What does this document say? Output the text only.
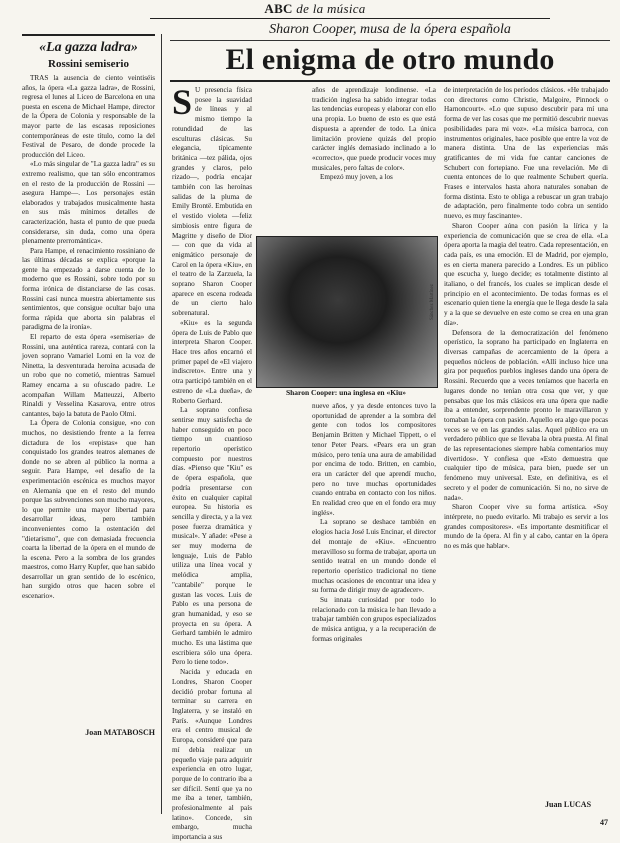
ABC de la música
«La gazza ladra»
Rossini semiserio

TRAS la ausencia de ciento veintiséis años, la ópera «La gazza ladra», de Rossini, regresa el lunes al Liceo de Barcelona en una puesta en escena de Michael Hampe, director de la Ópera de Colonia y responsable de la mayor parte de las escasas reposiciones contemporáneas de este título, como la del Festival de Pesaro, de donde procede la producción del Liceo.

«Lo más singular de "La gazza ladra" es su extremo realismo, que tan sólo encontramos en el resto de la producción de Rossini —asegura Hampe—. Los personajes están elaborados y trabajados musicalmente hasta en sus más mínimos detalles de caracterización, hasta el punto de que pueda considerarse, sin duda, como una ópera plenamente prerromántica».

Para Hampe, el renacimiento rossiniano de las últimas décadas se explica «porque la gente ha empezado a darse cuenta de lo moderno que es Rossini, sobre todo por su forma irónica de distanciarse de las cosas. Rossini casi nunca muestra abiertamente sus sentimientos, que consigue ocultar bajo una forma rápida que aborta sin palabras el paradigma de la ironía».

El reparto de esta ópera «semiseria» de Rossini, una auténtica rareza, contará con la joven soprano Vamariel Lomi en la voz de Ninetta, la desventurada heroína acusada de un robo que no cometió, mientras Samuel Ramey encarna a su ofuscado padre. Le acompañan Willam Matteuzzi, Alberto Rinaldi y Vesselina Kasarova, entre otros cantantes, bajo la batuta de Paolo Olmi.

La Ópera de Colonia consigue, «no con muchos, no desistiendo frente a la ferrea dictadura de los «repistas» que han conquistado los grandes teatros alemanes de donde no se abren al público la norma a seguir. Para Hampe, «el desafío de la experimentación escénica es muchos mayor en Alemania que en el resto del mundo porque las subvenciones son mucho mayores, lo que permite una mayor libertad para desarrollar ideas, pero también inconvenientes como la ostentación del "dietarismo", que con demasiada frecuencia coarta la libertad de la ópera en el mundo de la escena. Pero a la sombra de los grandes maestros, como Harry Kupfer, que han sabido desarrollar un gran sentido de lo escénico, han surgido otros que hacen sobre el escenario».

Joan MATABOSCH
Sharon Cooper, musa de la ópera española
El enigma de otro mundo
S U presencia física posee la suavidad de líneas y al mismo tiempo la rotundidad de las esculturas clásicas. Su elegancia, típicamente británica —tez pálida, ojos grandes y claros, pelo rizado—, podría encajar también con las heroínas salidas de la pluma de Emily Brontë. Embutida en el vestido violeta —feliz simbiosis entre figura de Magritte y diseño de Dior— con que da vida al enigmático personaje de Carol en la ópera «Kiu», en el teatro de la Zarzuela, la soprano Sharon Cooper aparece en escena rodeada de un cierto halo sobrenatural.

«Kiu» es la segunda ópera de Luis de Pablo que interpreta Sharon Cooper. Hace tres años encarnó el primer papel de «El viajero indiscreto». Entre una y otra participó también en el estreno de «La dueña», de Roberto Gerhard.

La soprano confiesa sentirse muy satisfecha de haber conseguido en poco tiempo un cuantioso repertorio operístico compuesto por nuestros días. «Pienso que "Kiu" es de ópera española, que podría presentarse con éxito en cualquier capital europea. Su historia es sencilla y directa, y a la vez posee fuerza dramática y musical». Y añade: «Pese a ser muy moderna de lenguaje, Luis de Pablo utiliza una línea vocal y melódica amplia, "cantabile" porque le gustan las voces. Luis de Pablo es una persona de gran humanidad, y eso se proyecta en su ópera. A Gerhard también le admiro mucho. Es una lástima que escribiera sólo una ópera. Pero lo tiene todo».

Nacida y educada en Londres, Sharon Cooper decidió probar fortuna al terminar su carrera en Inglaterra, y se instaló en París. «Aunque Londres era el centro musical de Europa, consideré que para mí debía realizar un pequeño viaje para adquirir experiencia en otro lugar, porque de lo contrario iba a ser difícil. Sentí que ya no me iba a tener, también, profesionalmente al país latino». Concede, sin embargo, mucha importancia a sus

años de aprendizaje londinense. «La tradición inglesa ha sabido integrar todas las tendencias europeas y elaborar con ello una propia. Lo bueno de esto es que está dispuesta a aprender de todo. La única limitación proviene quizás del propio carácter inglés demasiado inclinado a lo «correcto», que puede producir voces muy musicales, pero faltas de color».

Empezó muy joven, a los

Sánchez Martínez
Sharon Cooper: una inglesa en «Kiu»

nueve años, y ya desde entonces tuvo la oportunidad de aprender a la sombra del gente con todos los compositores Benjamin Britten y Michael Tippett, o el tenor Peter Pears. «Pears era un gran músico, pero tenía una aura de amabilidad por encima de todo. Britten, en cambio, era un carácter del que aprendí mucho, pero no tuve muchas oportunidades cuando entraba en contacto con los niños. En realidad creo que en el fondo era muy inglés».

La soprano se deshace también en elogios hacia José Luis Encinar, el director del montaje de «Kiu». «Encuentro meravilloso su forma de trabajar, aporta un sentido teatral en un mundo donde el repertorio operístico tradicional no tiene muchas ocasiones de encontrar una idea y su forma de dirigir muy de agradecer».

Su innata curiosidad por todo lo relacionado con la música le han llevado a trabajar también con grupos especializados de música antigua, y a la recuperación de formas originales

de interpretación de los períodos clásicos. «He trabajado con directores como Christie, Malgoire, Pinnock o Harnoncourt». «Lo que supuso descubrir para mí una forma de ver las cosas que me permitió descubrir nuevas posibilidades para mi voz». «La música barroca, con instrumentos originales, hace posible que entre la voz de manera distinta. Una de las experiencias más gratificantes de mi vida fue cantar canciones de Schubert con fortepiano. Fue una revelación. Me di cuenta entonces de lo que realmente Schubert quería. Frases e intervalos hasta ahora naturales sonaban de forma distinta. Esto te obliga a rebuscar un gran trabajo de adaptación, pero finalmente todo cobra un sentido nuevo, es muy fascinante».

Sharon Cooper aúna con pasión la lírica y la experiencia de comunicación que se crea de ella. «La ópera aporta la magia del teatro. Cada representación, en cada país, es una emoción. El de Madrid, por ejemplo, es en cierta manera parecido a Londres. Es un público que escucha y, luego decide; es totalmente distinto al italiano, o del francés, los cuales se implican desde el principio en el acontecimiento. De todas formas es el escenario quien tiene la energía que le llega desde la sala y a la que se devuelve en este como se crea en una gran día».

Defensora de la democratización del fenómeno operístico, la soprano ha participado en Inglaterra en diversas campañas de acercamiento de la ópera a pequeños núcleos de población. «Allí incluso hice una gira por pequeños pueblos ingleses dando una ópera de Rossini. Recuerdo que a veces teníamos que hacerla en lugares donde no tenían otra cosa que ver, y que pensabas que los más clásicos era una ópera que nadie iba a entender, sorprendente pronto le maravillaron y tomaban la ópera con pasión. Aquello era algo que pocas veces se ve en las grandes salas. Aquel público era un verdadero público que se llevaba la obra puesta. Al final de las representaciones siempre había comentarios muy divertidos». Y confiesa que «Esto demuestra que cualquier tipo de música, para bien, puede ser un fenómeno muy universal. Este, en definitiva, es el secreto y el poder de comunicación. Si no, no sirve de nada».

Sharon Cooper vive su forma artística. «Soy intérprete, no puedo evitarlo. Mi trabajo es servir a los grandes compositores». «Es importante desmitificar el mundo de la ópera. Al fin y al cabo, cantar en la ópera no es más que hablar».

Juan LUCAS
47
